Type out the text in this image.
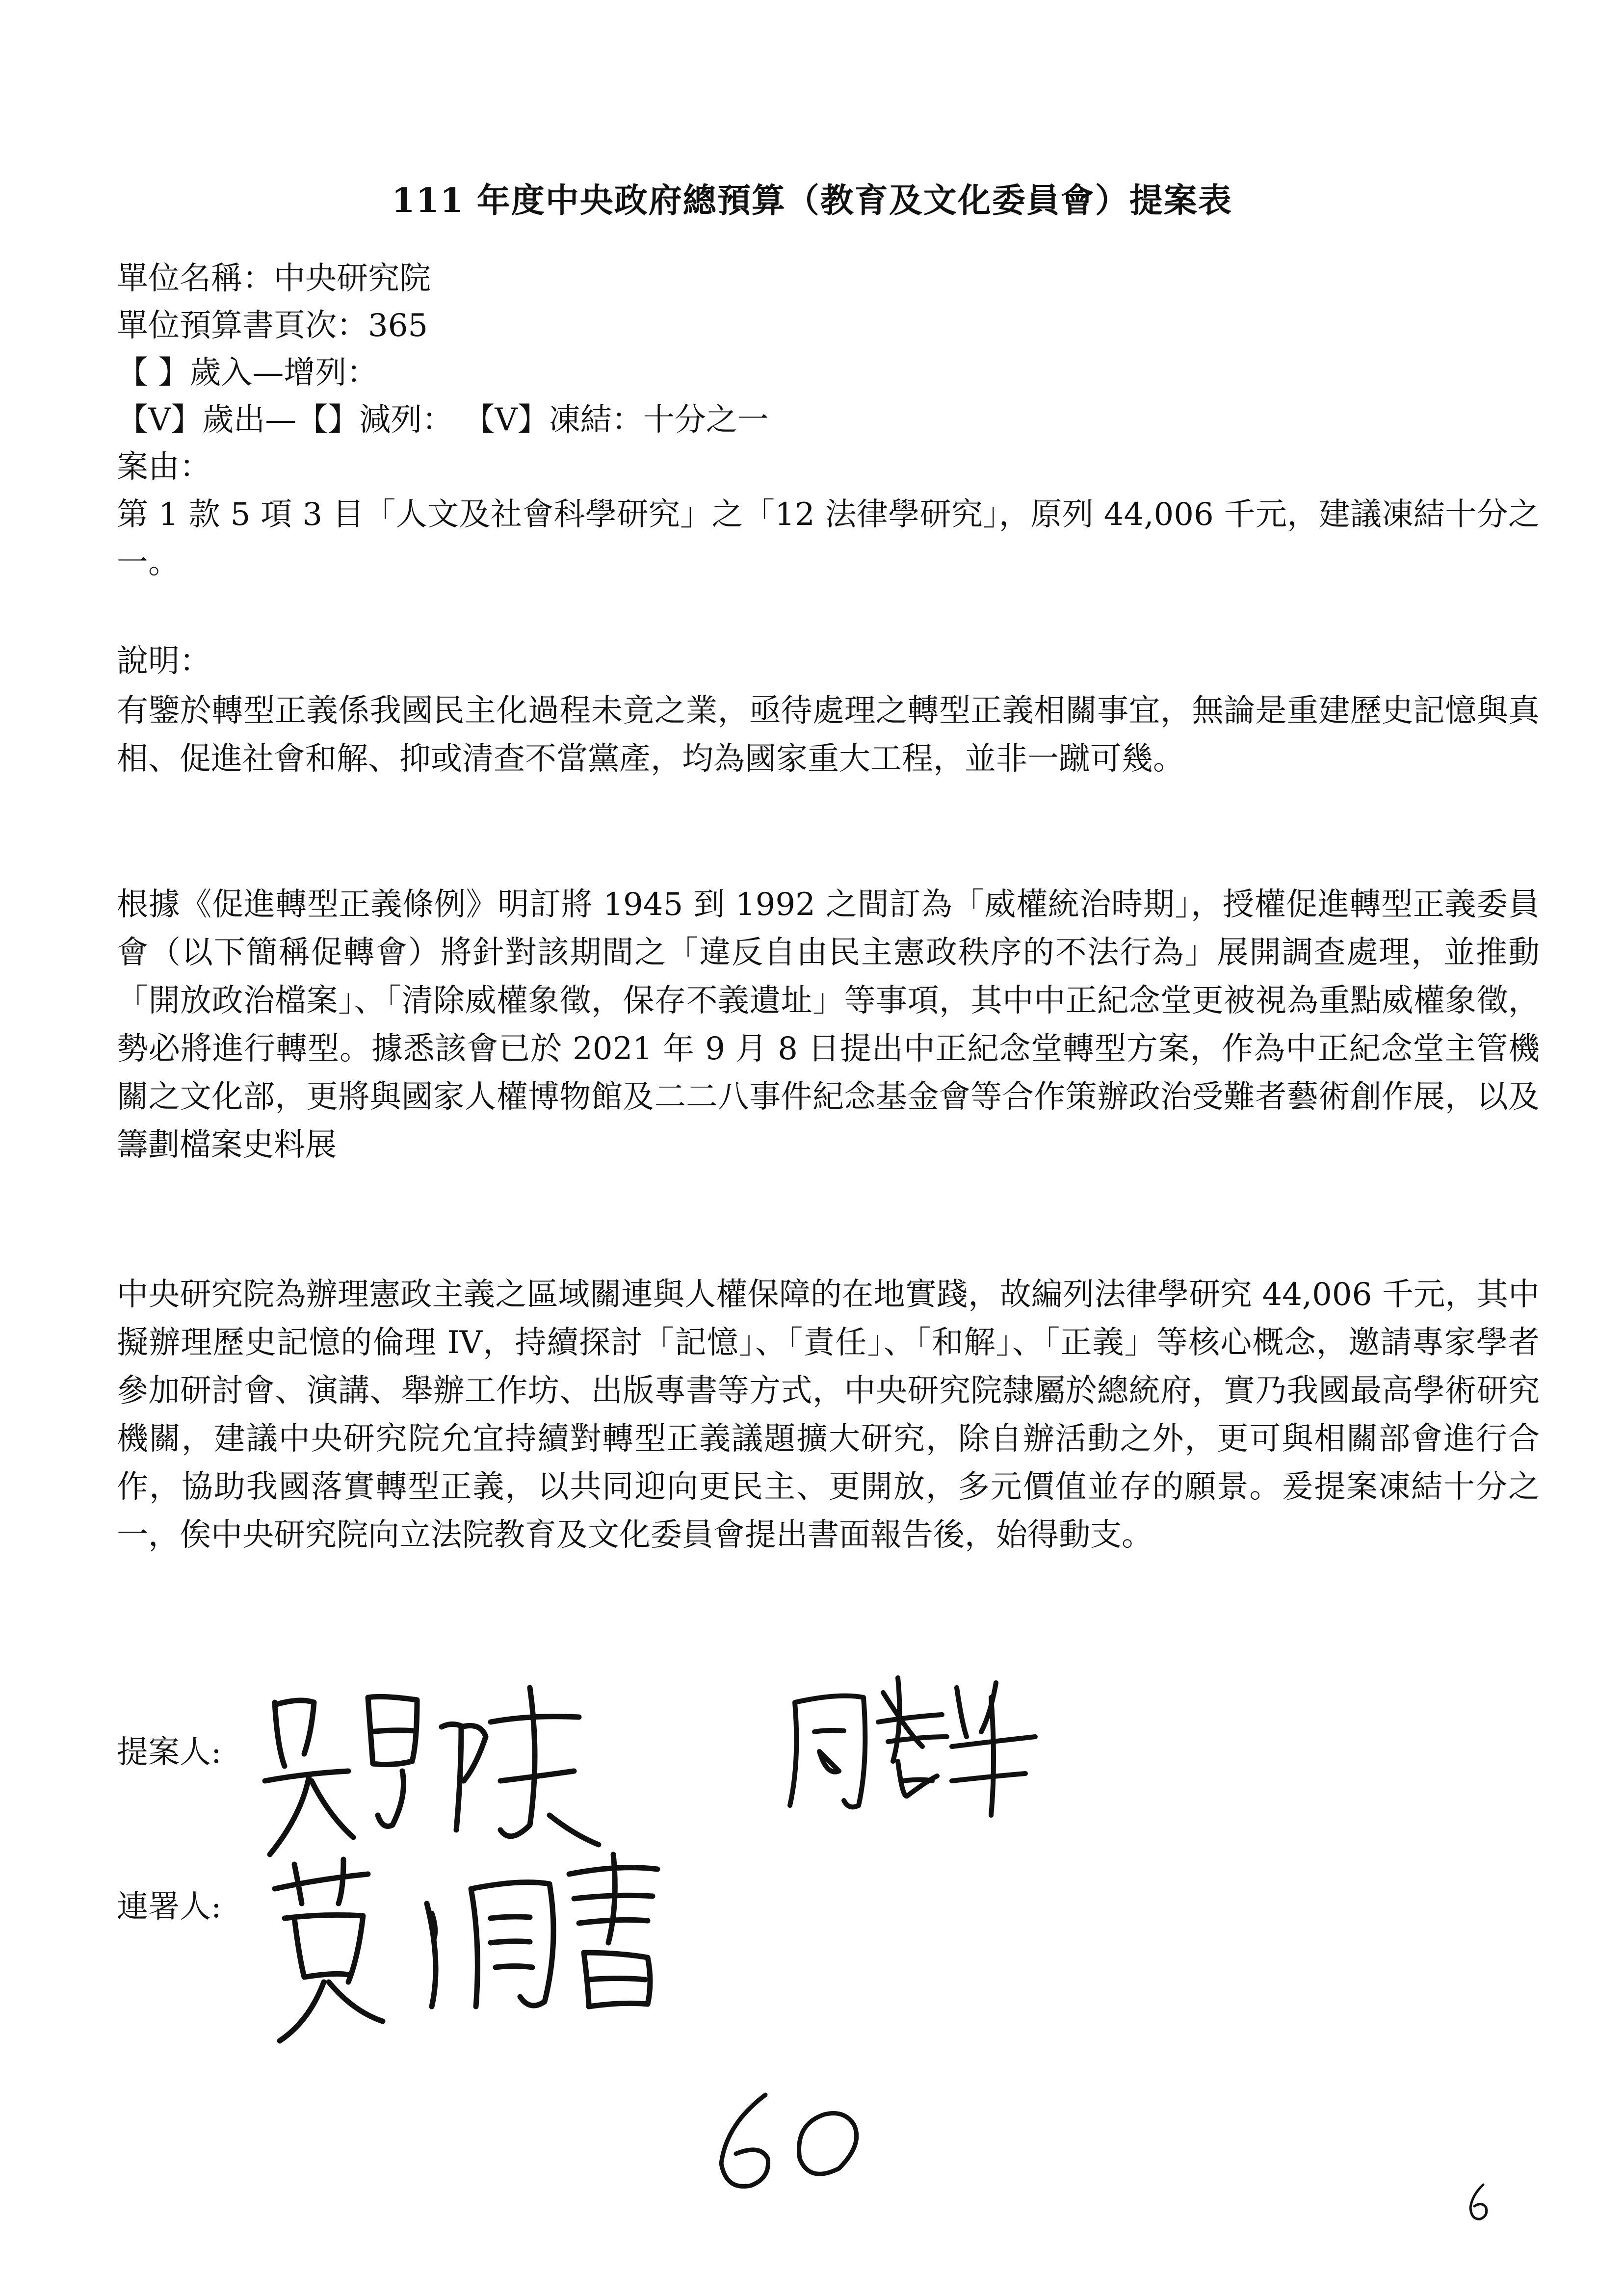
111 年度中央政府總預算（教育及文化委員會）提案表
單位名稱：中央研究院
單位預算書頁次：365
【 】歲入—增列：
【V】歲出—【】減列： 【V】凍結：十分之一
案由：
第 1 款 5 項 3 目「人文及社會科學研究」之「12 法律學研究」，原列 44,006 千元，建議凍結十分之一。
說明：
有鑒於轉型正義係我國民主化過程未竟之業，亟待處理之轉型正義相關事宜，無論是重建歷史記憶與真相、促進社會和解、抑或清查不當黨產，均為國家重大工程，並非一蹴可幾。
根據《促進轉型正義條例》明訂將 1945 到 1992 之間訂為「威權統治時期」，授權促進轉型正義委員會（以下簡稱促轉會）將針對該期間之「違反自由民主憲政秩序的不法行為」展開調查處理，並推動「開放政治檔案」、「清除威權象徵，保存不義遺址」等事項，其中中正紀念堂更被視為重點威權象徵，勢必將進行轉型。據悉該會已於 2021 年 9 月 8 日提出中正紀念堂轉型方案，作為中正紀念堂主管機關之文化部，更將與國家人權博物館及二二八事件紀念基金會等合作策辦政治受難者藝術創作展，以及籌劃檔案史料展
中央研究院為辦理憲政主義之區域關連與人權保障的在地實踐，故編列法律學研究 44,006 千元，其中擬辦理歷史記憶的倫理 IV，持續探討「記憶」、「責任」、「和解」、「正義」等核心概念，邀請專家學者參加研討會、演講、舉辦工作坊、出版專書等方式，中央研究院隸屬於總統府，實乃我國最高學術研究機關，建議中央研究院允宜持續對轉型正義議題擴大研究，除自辦活動之外，更可與相關部會進行合作，協助我國落實轉型正義，以共同迎向更民主、更開放，多元價值並存的願景。爰提案凍結十分之一，俟中央研究院向立法院教育及文化委員會提出書面報告後，始得動支。
提案人:
連署人:
